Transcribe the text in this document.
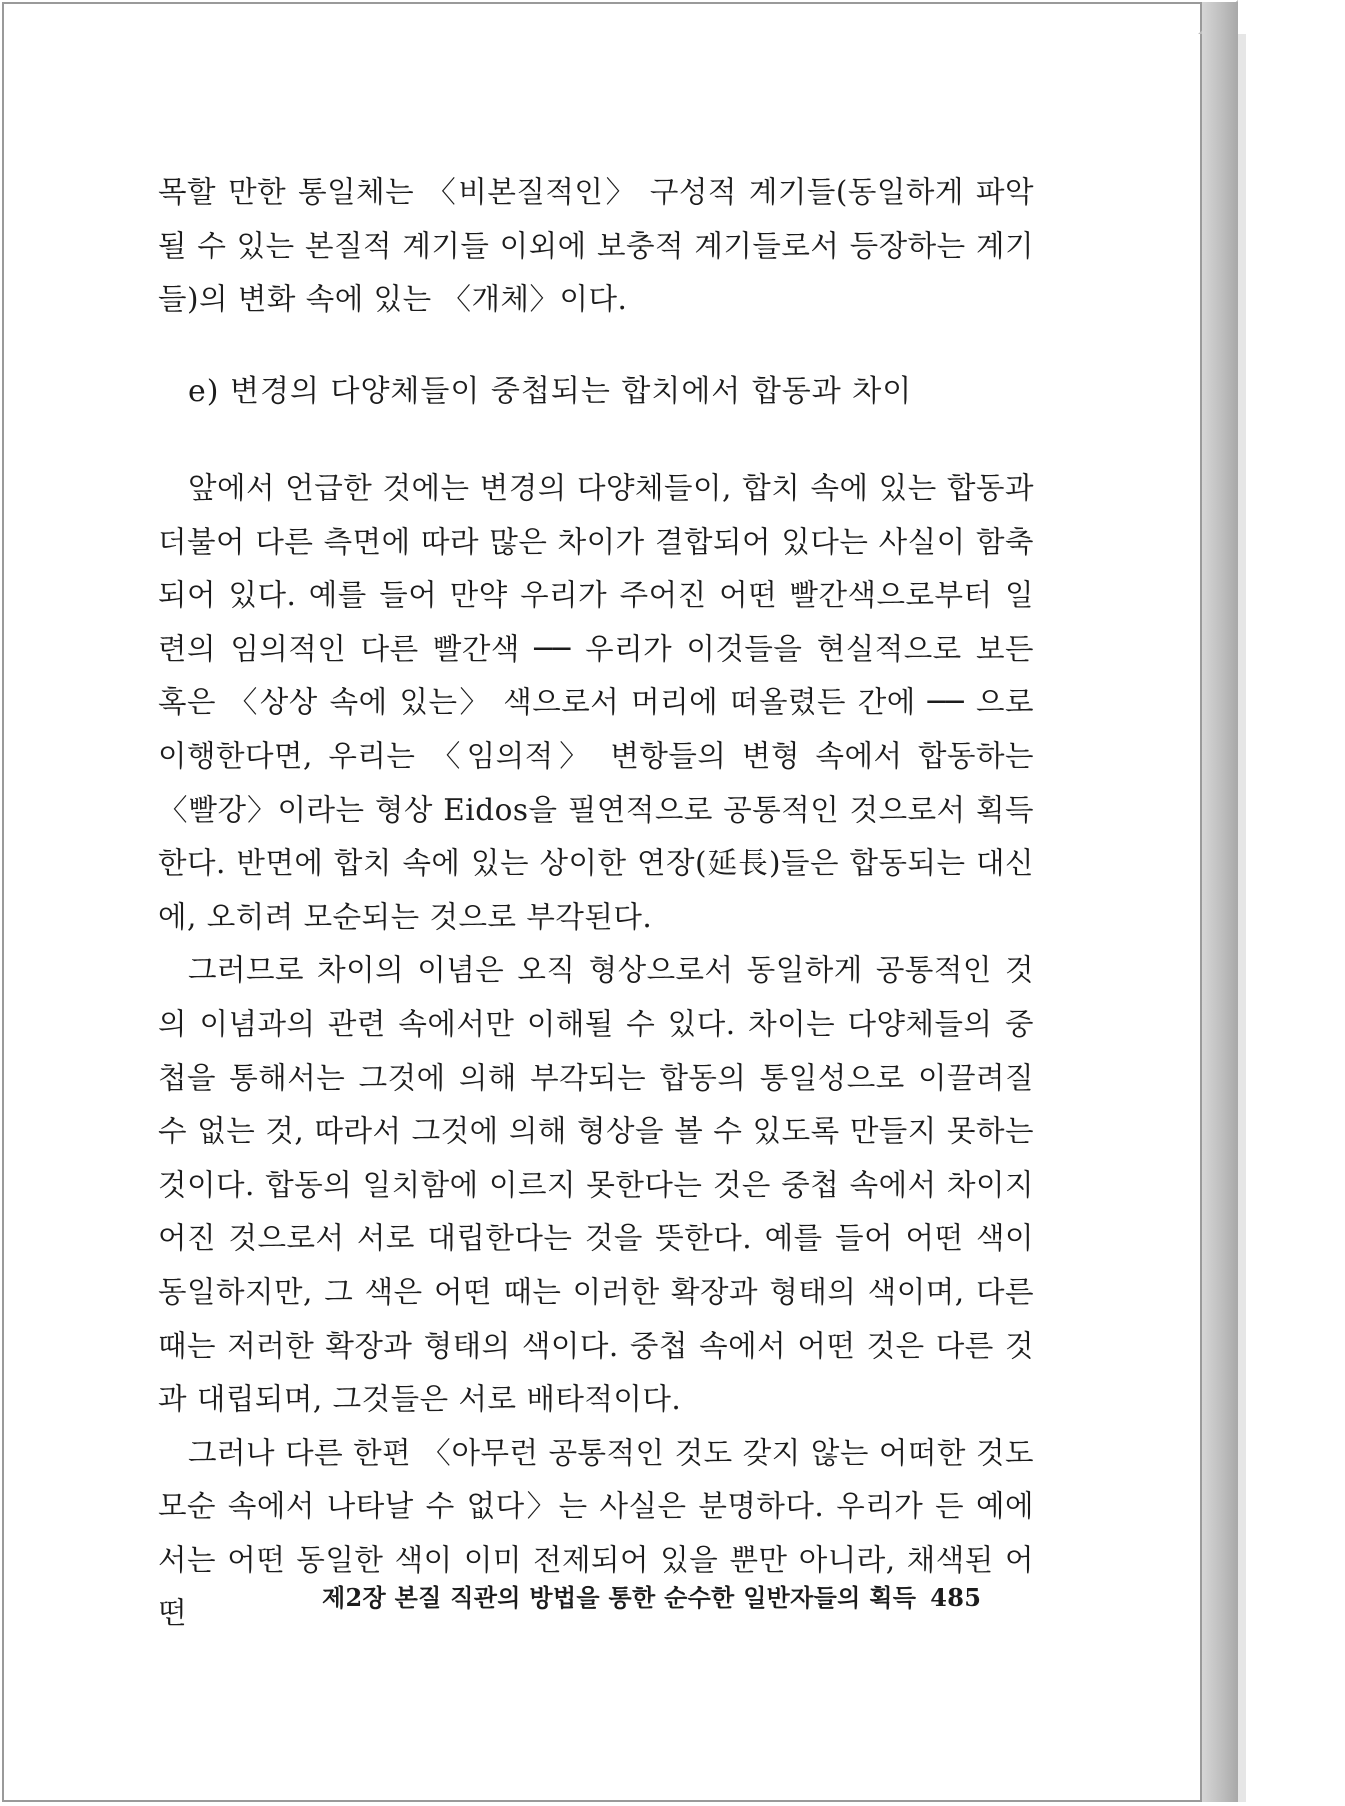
목할 만한 통일체는 〈비본질적인〉 구성적 계기들(동일하게 파악될 수 있는 본질적 계기들 이외에 보충적 계기들로서 등장하는 계기들)의 변화 속에 있는 〈개체〉이다.

e) 변경의 다양체들이 중첩되는 합치에서 합동과 차이

앞에서 언급한 것에는 변경의 다양체들이, 합치 속에 있는 합동과 더불어 다른 측면에 따라 많은 차이가 결합되어 있다는 사실이 함축되어 있다. 예를 들어 만약 우리가 주어진 어떤 빨간색으로부터 일련의 임의적인 다른 빨간색 ── 우리가 이것들을 현실적으로 보든 혹은 〈상상 속에 있는〉 색으로서 머리에 떠올렸든 간에 ── 으로 이행한다면, 우리는 〈임의적〉 변항들의 변형 속에서 합동하는 〈빨강〉이라는 형상 Eidos을 필연적으로 공통적인 것으로서 획득한다. 반면에 합치 속에 있는 상이한 연장(延長)들은 합동되는 대신에, 오히려 모순되는 것으로 부각된다.

그러므로 차이의 이념은 오직 형상으로서 동일하게 공통적인 것의 이념과의 관련 속에서만 이해될 수 있다. 차이는 다양체들의 중첩을 통해서는 그것에 의해 부각되는 합동의 통일성으로 이끌려질 수 없는 것, 따라서 그것에 의해 형상을 볼 수 있도록 만들지 못하는 것이다. 합동의 일치함에 이르지 못한다는 것은 중첩 속에서 차이지어진 것으로서 서로 대립한다는 것을 뜻한다. 예를 들어 어떤 색이 동일하지만, 그 색은 어떤 때는 이러한 확장과 형태의 색이며, 다른 때는 저러한 확장과 형태의 색이다. 중첩 속에서 어떤 것은 다른 것과 대립되며, 그것들은 서로 배타적이다.

그러나 다른 한편 〈아무런 공통적인 것도 갖지 않는 어떠한 것도 모순 속에서 나타날 수 없다〉는 사실은 분명하다. 우리가 든 예에서는 어떤 동일한 색이 이미 전제되어 있을 뿐만 아니라, 채색된 어떤	제2장 본질 직관의 방법을 통한 순수한 일반자들의 획득 485
